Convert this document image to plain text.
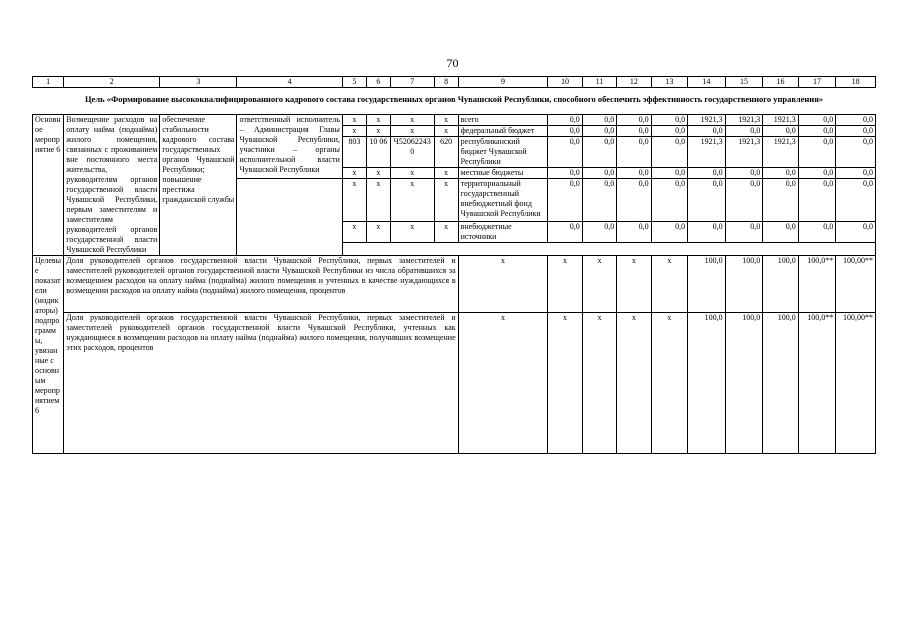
70
1	2	3	4	5	6	7	8	9	10	11	12	13	14	15	16	17	18
Цель «Формирование высококвалифицированного кадрового состава государственных органов Чувашской Республики, способного обеспечить эффективность государственного управления»																	

Основное мероприятие 6	Возмещение расходов на оплату найма (поднайма) жилого помещения, связанных с проживанием вне постоянного места жительства, руководителям органов государственной власти Чувашской Республики, первым заместителям и заместителям руководителей органов государственной власти Чувашской Республики	обеспечение стабильности кадрового состава государственных органов Чувашской Республики; повышение престижа гражданской службы	ответственный исполнитель – Администрация Главы Чувашской Республики, участники – органы исполнительной власти Чувашской Республики	x	x	x	x	всего	0,0	0,0	0,0	0,0	1921,3	1921,3	1921,3	0,0	0,0
				x	x	x	x	федеральный бюджет	0,0	0,0	0,0	0,0	0,0	0,0	0,0	0,0	0,0
				803	10 06	Ч520622430	620	республиканский бюджет Чувашской Республики	0,0	0,0	0,0	0,0	1921,3	1921,3	1921,3	0,0	0,0
				x	x	x	x	местные бюджеты	0,0	0,0	0,0	0,0	0,0	0,0	0,0	0,0	0,0
				x	x	x	x	территориальный государственный внебюджетный фонд Чувашской Республики	0,0	0,0	0,0	0,0	0,0	0,0	0,0	0,0	0,0
				x	x	x	x	внебюджетные источники	0,0	0,0	0,0	0,0	0,0	0,0	0,0	0,0	0,0

Целевые показатели (индикаторы) подпрограммы, увязанные с основным мероприятием 6	Доля руководителей органов государственной власти Чувашской Республики, первых заместителей и заместителей руководителей органов государственной власти Чувашской Республики из числа обратившихся за возмещением расходов на оплату найма (поднайма) жилого помещения и учтенных в качестве нуждающихся в возмещении расходов на оплату найма (поднайма) жилого помещения, процентов							x	x	x	x	x	100,0	100,0	100,0	100,0**	100,00**
	Доля руководителей органов государственной власти Чувашской Республики, первых заместителей и заместителей руководителей органов государственной власти Чувашской Республики, учтенных как нуждающиеся в возмещении расходов на оплату найма (поднайма) жилого помещения, получивших возмещение этих расходов, процентов							x	x	x	x	x	100,0	100,0	100,0	100,0**	100,00**
